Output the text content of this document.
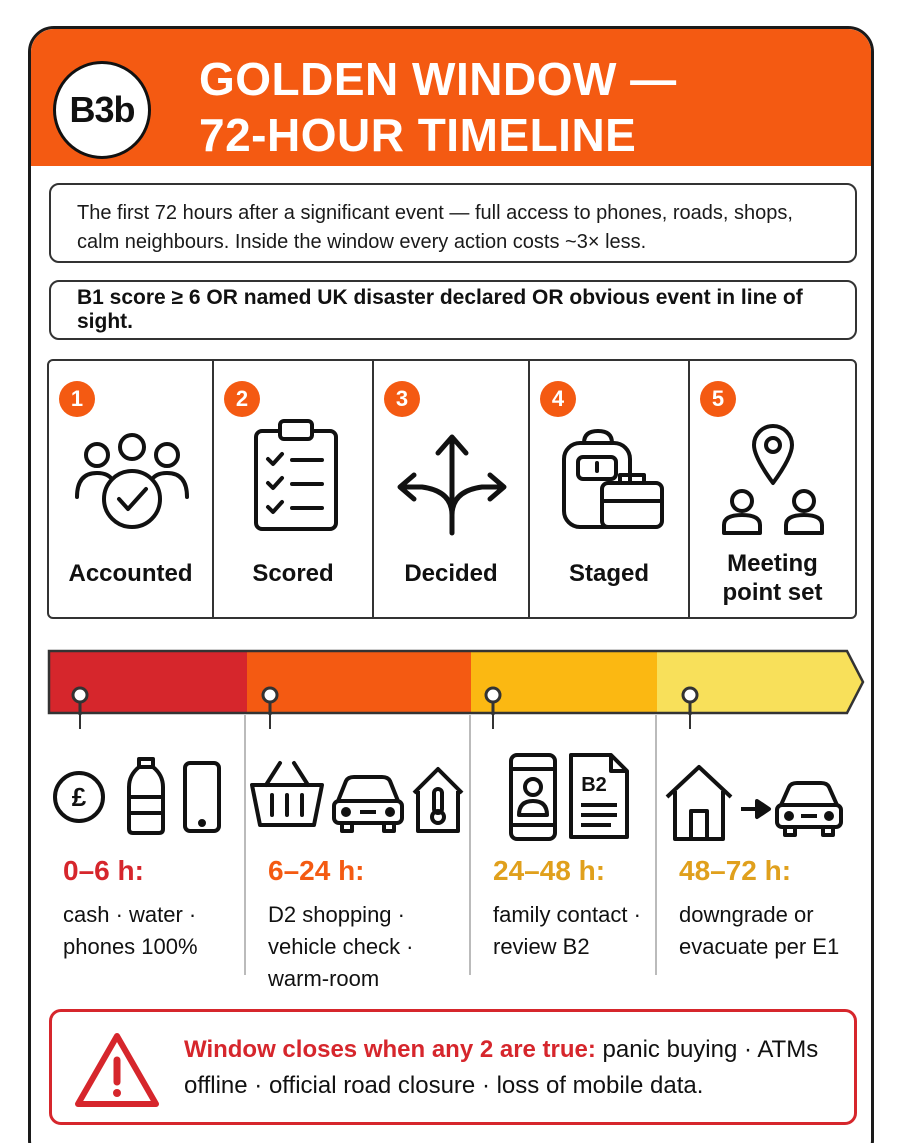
B3b
GOLDEN WINDOW —
72-HOUR TIMELINE
The first 72 hours after a significant event — full access to phones, roads, shops,
calm neighbours. Inside the window every action costs ~3× less.
B1 score ≥ 6 OR named UK disaster declared OR obvious event in line of sight.
1
Accounted
2
Scored
3
Decided
4
Staged
5
Meeting
point set
£
0–6 h:
cash · water ·
phones 100%
6–24 h:
D2 shopping ·
vehicle check ·
warm-room
B2
24–48 h:
family contact ·
review B2
48–72 h:
downgrade or
evacuate per E1
Window closes when any 2 are true: panic buying · ATMs offline · official road closure · loss of mobile data.
